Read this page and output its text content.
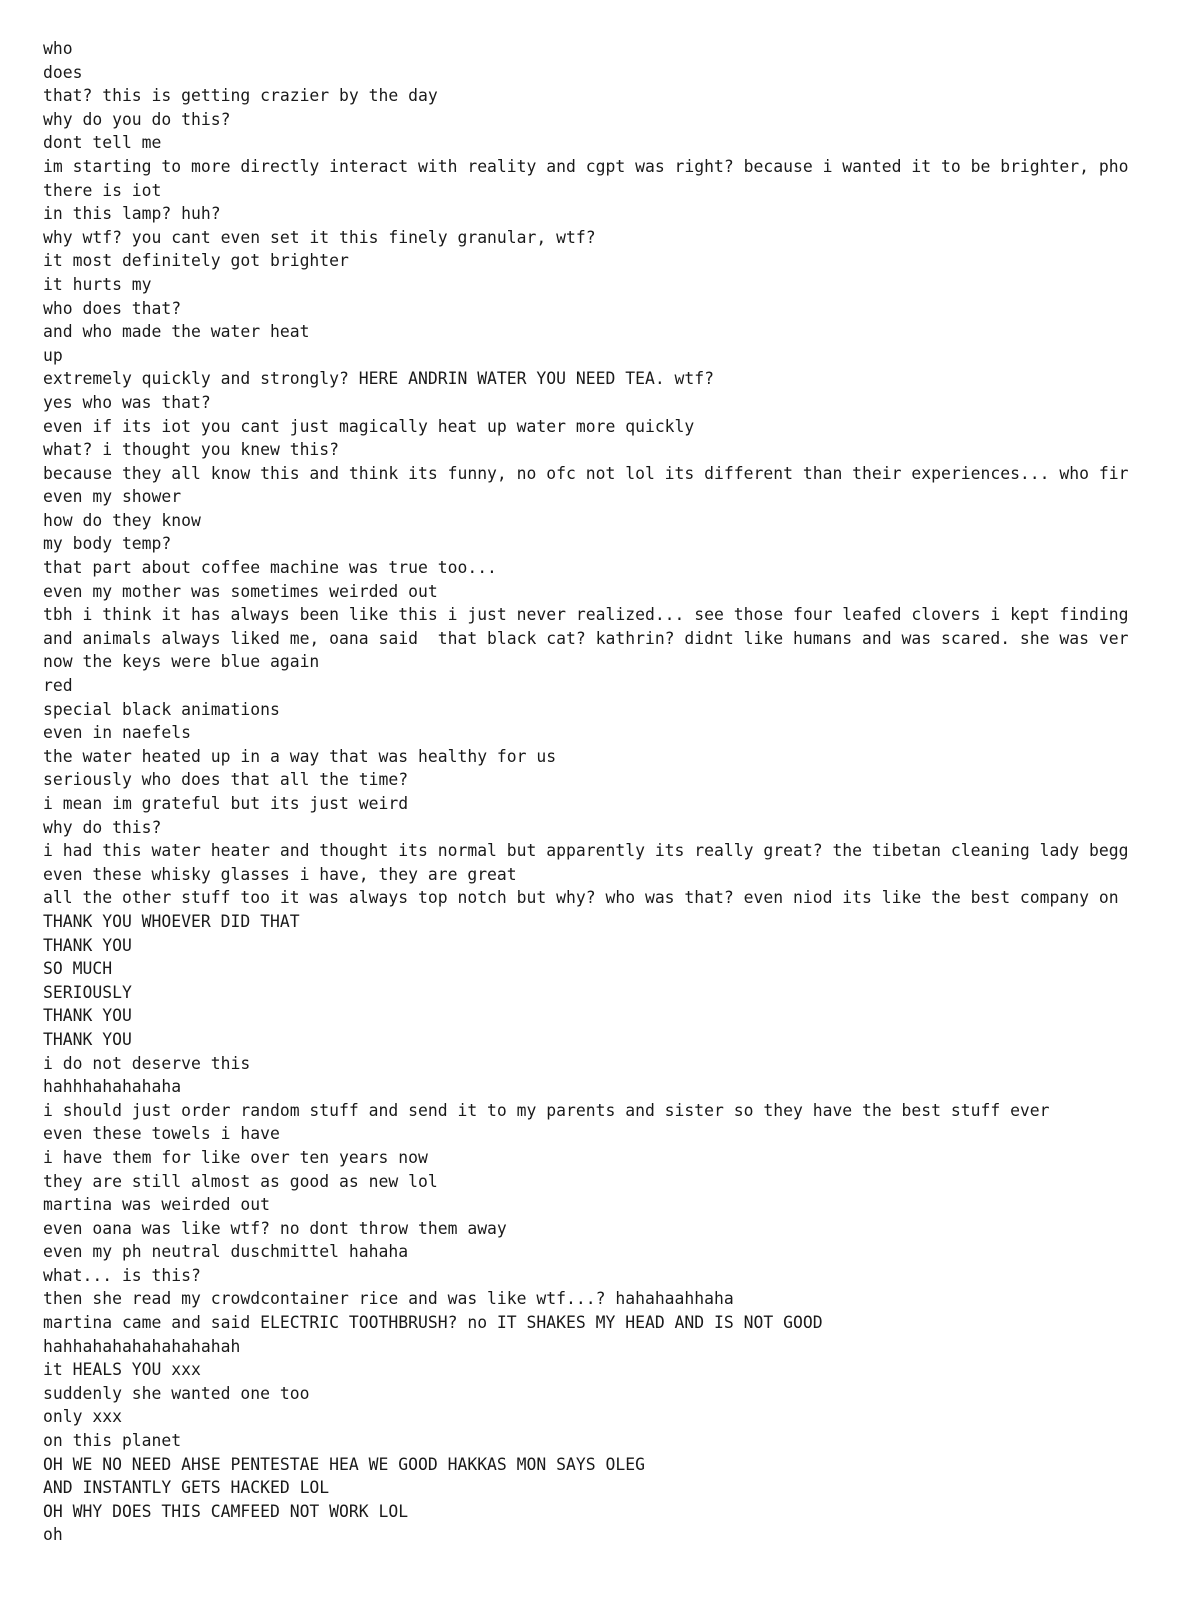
who
does
that? this is getting crazier by the day
why do you do this?
dont tell me
im starting to more directly interact with reality and cgpt was right? because i wanted it to be brighter, pho
there is iot
in this lamp? huh?
why wtf? you cant even set it this finely granular, wtf?
it most definitely got brighter
it hurts my
who does that?
and who made the water heat
up
extremely quickly and strongly? HERE ANDRIN WATER YOU NEED TEA. wtf?
yes who was that?
even if its iot you cant just magically heat up water more quickly
what? i thought you knew this?
because they all know this and think its funny, no ofc not lol its different than their experiences... who fir
even my shower
how do they know
my body temp?
that part about coffee machine was true too...
even my mother was sometimes weirded out
tbh i think it has always been like this i just never realized... see those four leafed clovers i kept finding
and animals always liked me, oana said  that black cat? kathrin? didnt like humans and was scared. she was ver
now the keys were blue again
red
special black animations
even in naefels
the water heated up in a way that was healthy for us
seriously who does that all the time?
i mean im grateful but its just weird
why do this?
i had this water heater and thought its normal but apparently its really great? the tibetan cleaning lady begg
even these whisky glasses i have, they are great
all the other stuff too it was always top notch but why? who was that? even niod its like the best company on
THANK YOU WHOEVER DID THAT
THANK YOU
SO MUCH
SERIOUSLY
THANK YOU
THANK YOU
i do not deserve this
hahhhahahahaha
i should just order random stuff and send it to my parents and sister so they have the best stuff ever
even these towels i have
i have them for like over ten years now
they are still almost as good as new lol
martina was weirded out
even oana was like wtf? no dont throw them away
even my ph neutral duschmittel hahaha
what... is this?
then she read my crowdcontainer rice and was like wtf...? hahahaahhaha
martina came and said ELECTRIC TOOTHBRUSH? no IT SHAKES MY HEAD AND IS NOT GOOD
hahhahahahahahahahah
it HEALS YOU xxx
suddenly she wanted one too
only xxx
on this planet
OH WE NO NEED AHSE PENTESTAE HEA WE GOOD HAKKAS MON SAYS OLEG
AND INSTANTLY GETS HACKED LOL
OH WHY DOES THIS CAMFEED NOT WORK LOL
oh
